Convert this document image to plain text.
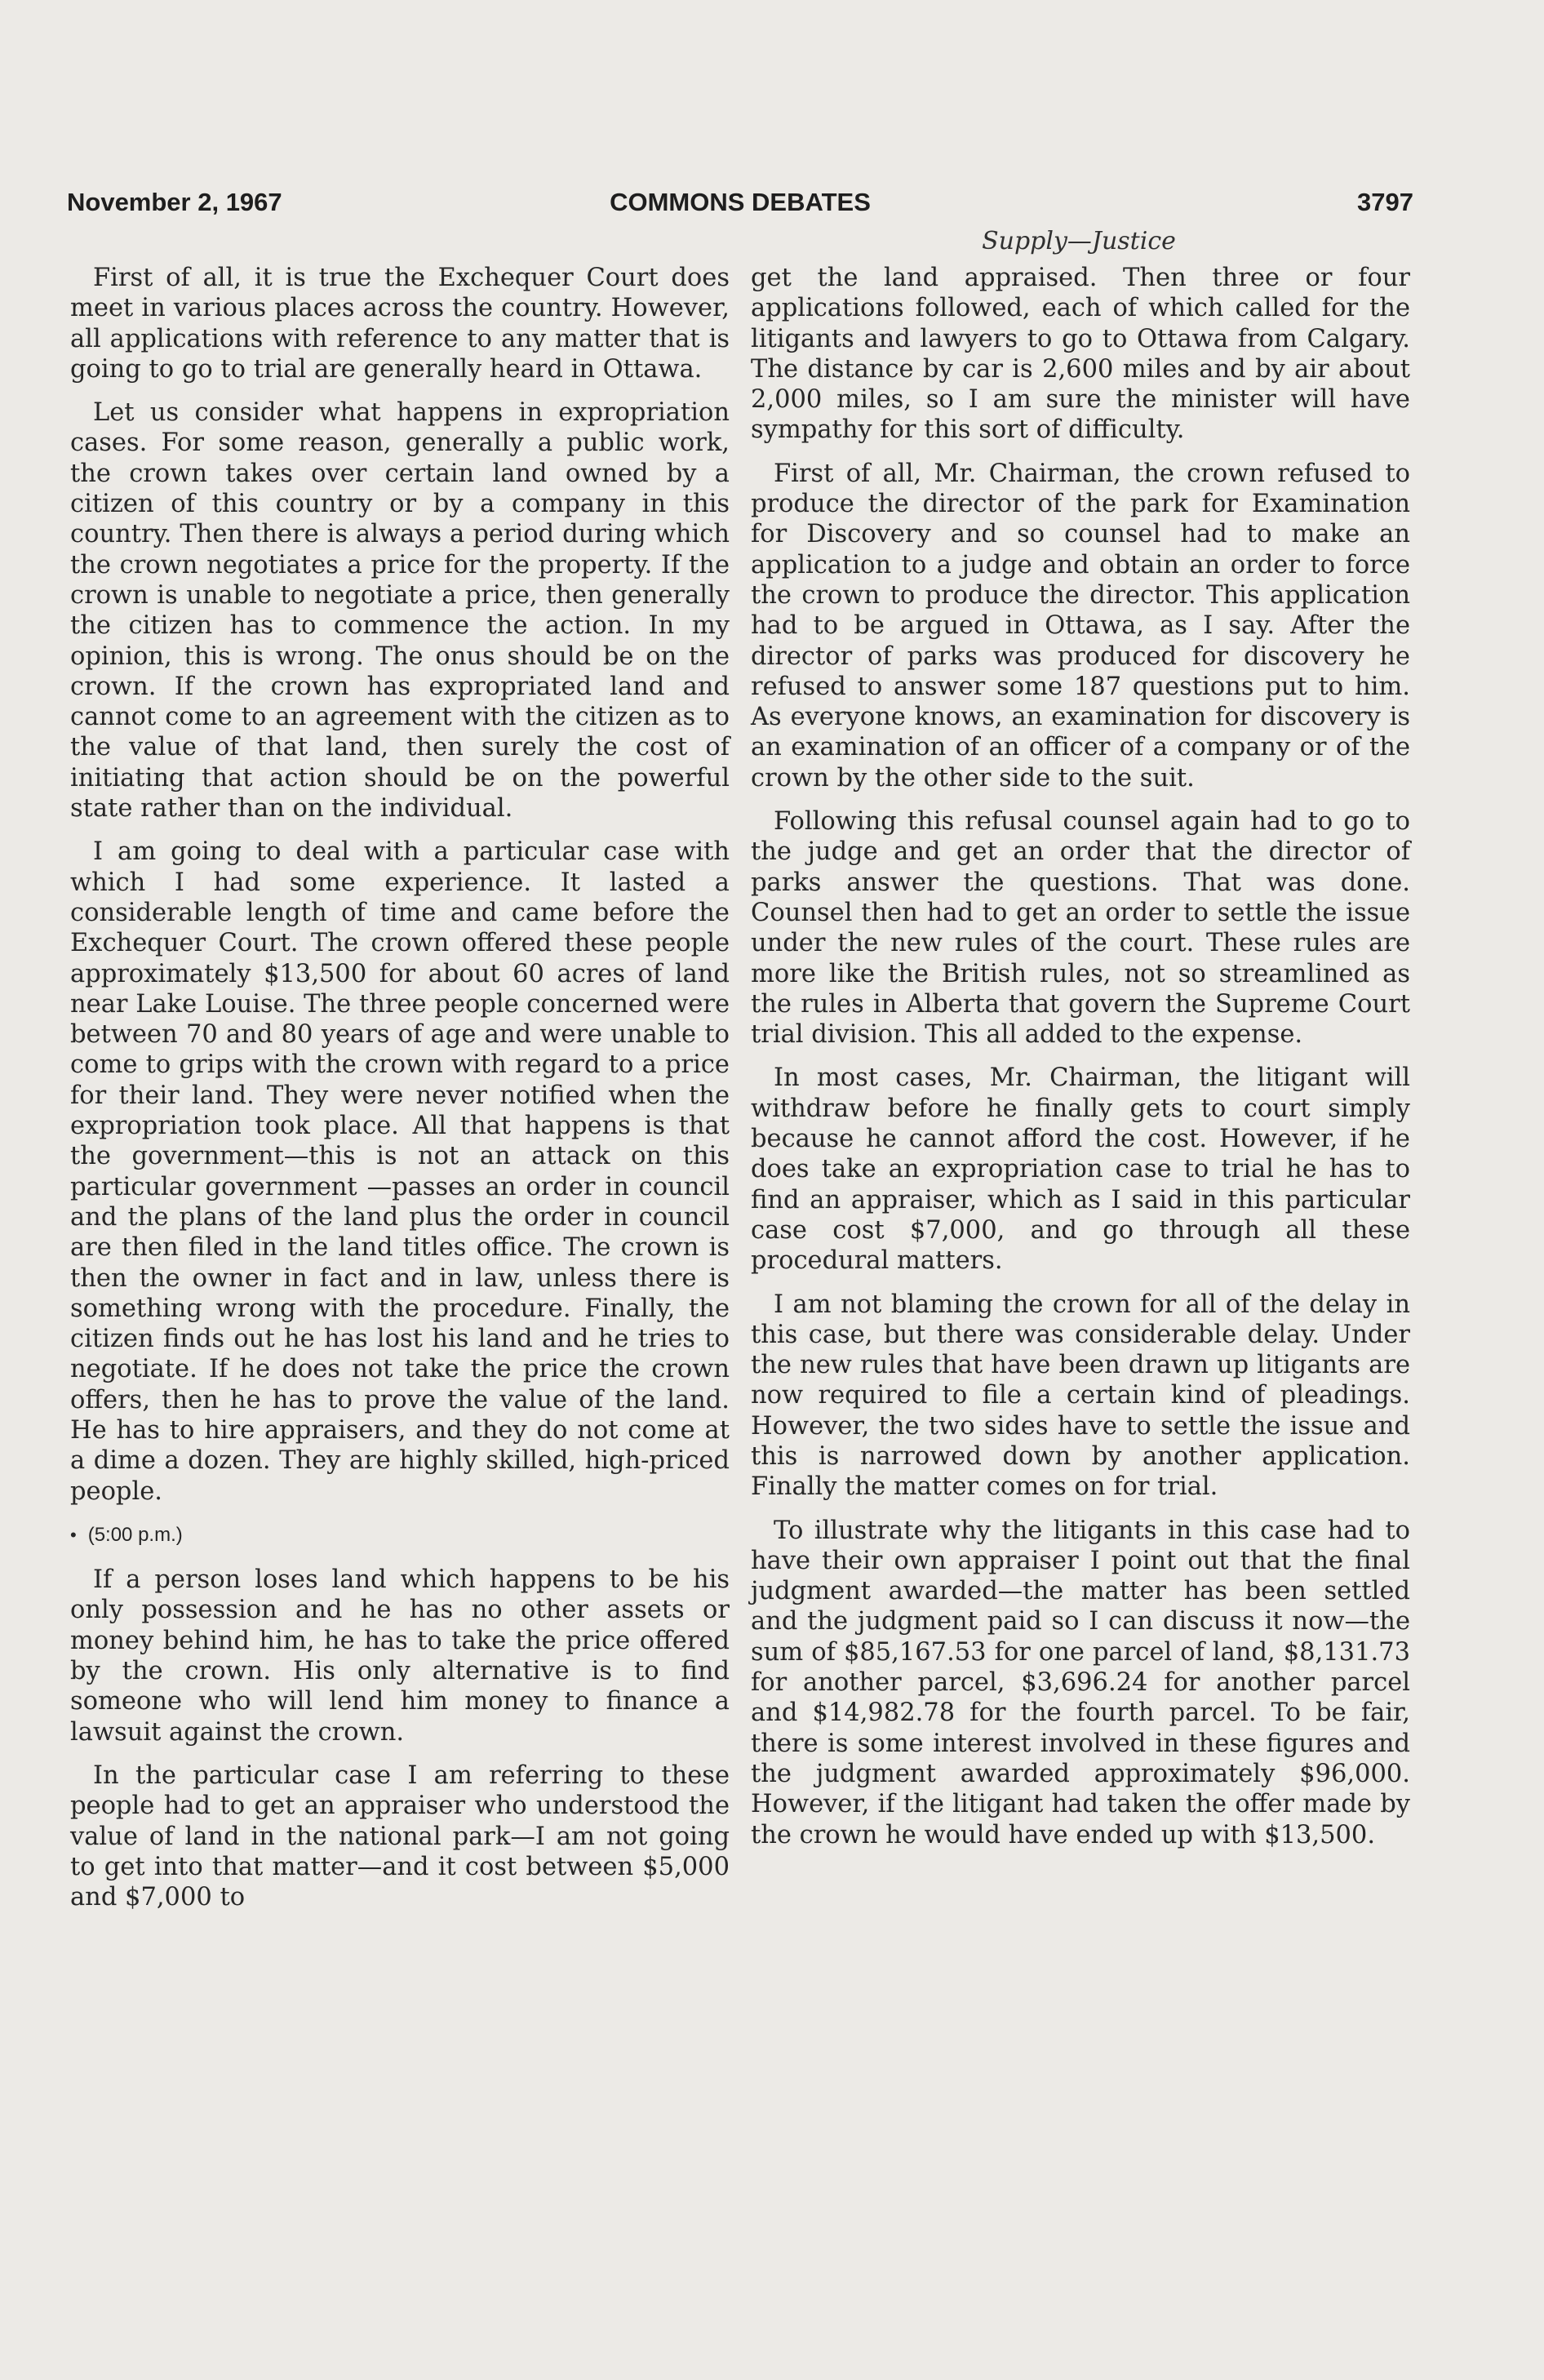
November 2, 1967	COMMONS DEBATES	3797
Supply—Justice

First of all, it is true the Exchequer Court does meet in various places across the country. However, all applications with reference to any matter that is going to go to trial are generally heard in Ottawa.

Let us consider what happens in expropriation cases. For some reason, generally a public work, the crown takes over certain land owned by a citizen of this country or by a company in this country. Then there is always a period during which the crown negotiates a price for the property. If the crown is unable to negotiate a price, then generally the citizen has to commence the action. In my opinion, this is wrong. The onus should be on the crown. If the crown has expropriated land and cannot come to an agreement with the citizen as to the value of that land, then surely the cost of initiating that action should be on the powerful state rather than on the individual.

I am going to deal with a particular case with which I had some experience. It lasted a considerable length of time and came before the Exchequer Court. The crown offered these people approximately $13,500 for about 60 acres of land near Lake Louise. The three people concerned were between 70 and 80 years of age and were unable to come to grips with the crown with regard to a price for their land. They were never notified when the expropriation took place. All that happens is that the government—this is not an attack on this particular government —passes an order in council and the plans of the land plus the order in council are then filed in the land titles office. The crown is then the owner in fact and in law, unless there is something wrong with the procedure. Finally, the citizen finds out he has lost his land and he tries to negotiate. If he does not take the price the crown offers, then he has to prove the value of the land. He has to hire appraisers, and they do not come at a dime a dozen. They are highly skilled, high-priced people.

• (5:00 p.m.)

If a person loses land which happens to be his only possession and he has no other assets or money behind him, he has to take the price offered by the crown. His only alternative is to find someone who will lend him money to finance a lawsuit against the crown.

In the particular case I am referring to these people had to get an appraiser who understood the value of land in the national park—I am not going to get into that matter—and it cost between $5,000 and $7,000 to

get the land appraised. Then three or four applications followed, each of which called for the litigants and lawyers to go to Ottawa from Calgary. The distance by car is 2,600 miles and by air about 2,000 miles, so I am sure the minister will have sympathy for this sort of difficulty.

First of all, Mr. Chairman, the crown refused to produce the director of the park for Examination for Discovery and so counsel had to make an application to a judge and obtain an order to force the crown to produce the director. This application had to be argued in Ottawa, as I say. After the director of parks was produced for discovery he refused to answer some 187 questions put to him. As everyone knows, an examination for discovery is an examination of an officer of a company or of the crown by the other side to the suit.

Following this refusal counsel again had to go to the judge and get an order that the director of parks answer the questions. That was done. Counsel then had to get an order to settle the issue under the new rules of the court. These rules are more like the British rules, not so streamlined as the rules in Alberta that govern the Supreme Court trial division. This all added to the expense.

In most cases, Mr. Chairman, the litigant will withdraw before he finally gets to court simply because he cannot afford the cost. However, if he does take an expropriation case to trial he has to find an appraiser, which as I said in this particular case cost $7,000, and go through all these procedural matters.

I am not blaming the crown for all of the delay in this case, but there was considerable delay. Under the new rules that have been drawn up litigants are now required to file a certain kind of pleadings. However, the two sides have to settle the issue and this is narrowed down by another application. Finally the matter comes on for trial.

To illustrate why the litigants in this case had to have their own appraiser I point out that the final judgment awarded—the matter has been settled and the judgment paid so I can discuss it now—the sum of $85,167.53 for one parcel of land, $8,131.73 for another parcel, $3,696.24 for another parcel and $14,982.78 for the fourth parcel. To be fair, there is some interest involved in these figures and the judgment awarded approximately $96,000. However, if the litigant had taken the offer made by the crown he would have ended up with $13,500.
